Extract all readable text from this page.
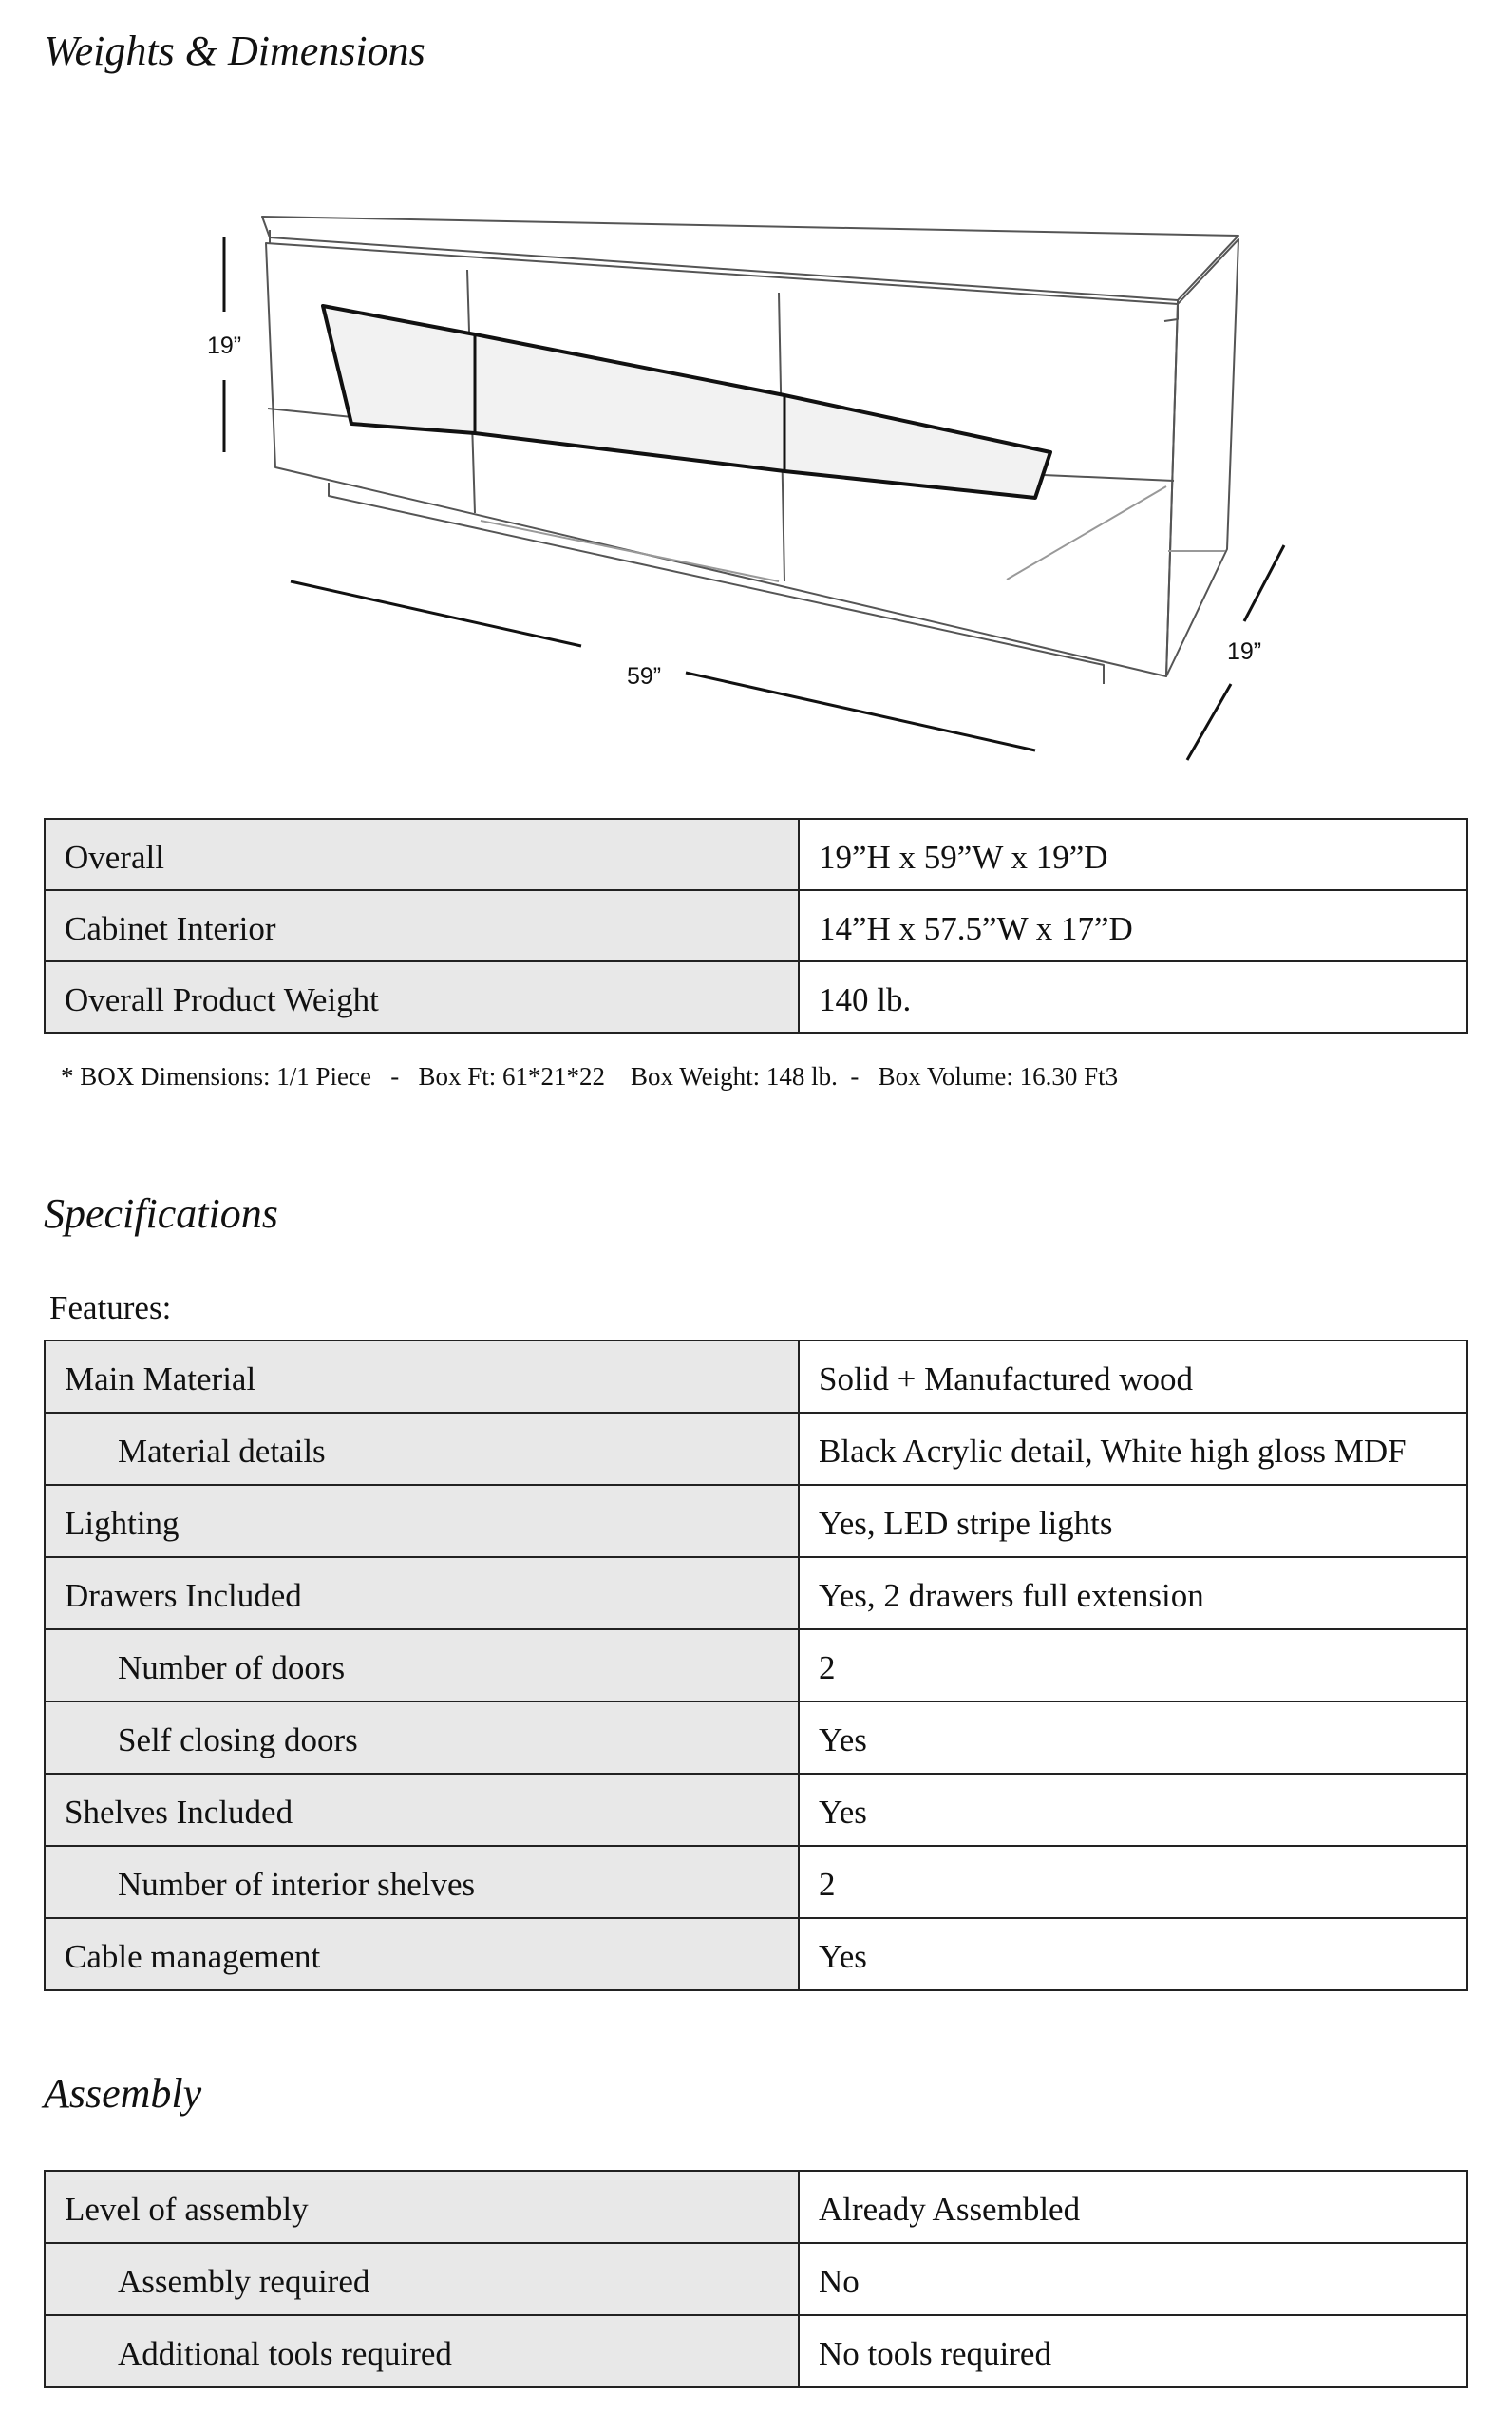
Weights & Dimensions
19”
59”
19”
Overall	19”H x 59”W x 19”D
Cabinet Interior	14”H x 57.5”W x 17”D
Overall Product Weight	140 lb.

* BOX Dimensions: 1/1 Piece   -   Box Ft: 61*21*22    Box Weight: 148 lb.  -   Box Volume: 16.30 Ft3

Specifications

Features:

Main Material	Solid + Manufactured wood
Material details	Black Acrylic detail, White high gloss MDF
Lighting	Yes, LED stripe lights
Drawers Included	Yes, 2 drawers full extension
Number of doors	2
Self closing doors	Yes
Shelves Included	Yes
Number of interior shelves	2
Cable management	Yes
Assembly
Level of assembly	Already Assembled
Assembly required	No
Additional tools required	No tools required
